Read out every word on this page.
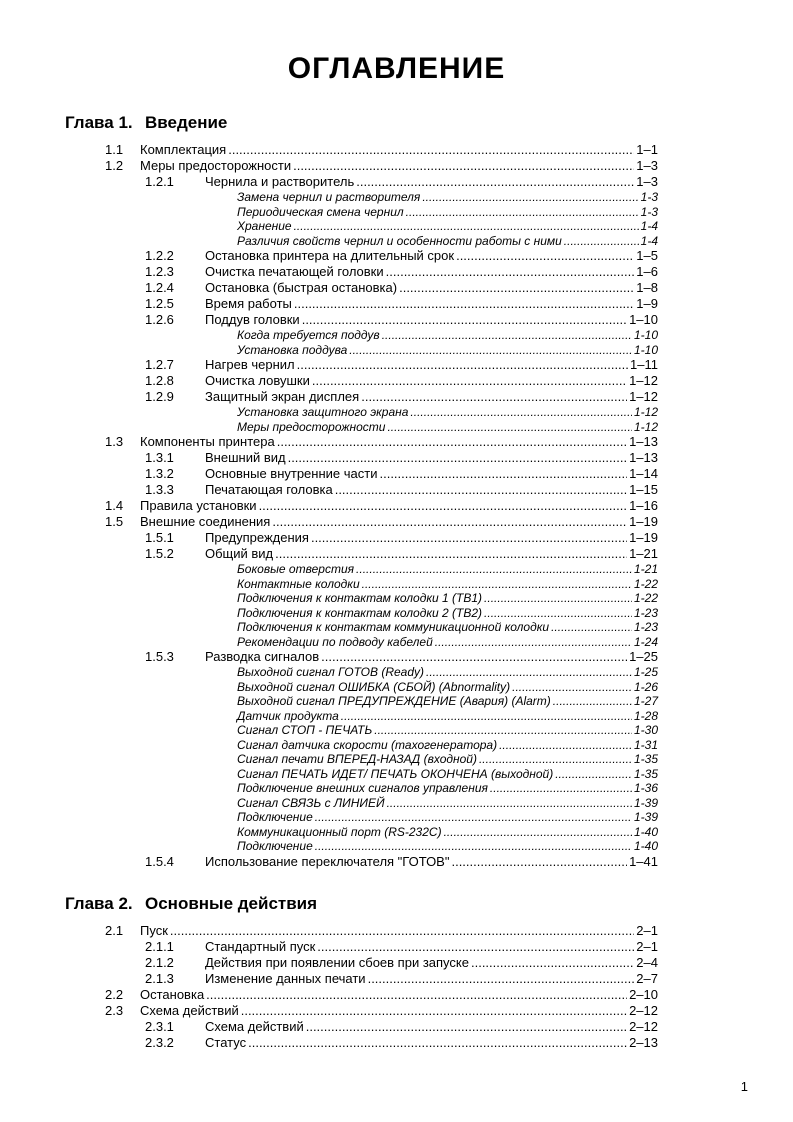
ОГЛАВЛЕНИЕ
Глава 1. Введение
1.1	Комплектация .....	1–1
1.2	Меры предосторожности .....	1–3
1.2.1	Чернила и растворитель .....	1–3
Замена чернил и растворителя .....	1-3
Периодическая смена чернил .....	1-3
Хранение .....	1-4
Различия свойств чернил и особенности работы с ними .....	1-4
1.2.2	Остановка принтера на длительный срок .....	1–5
1.2.3	Очистка печатающей головки .....	1–6
1.2.4	Остановка (быстрая остановка) .....	1–8
1.2.5	Время работы .....	1–9
1.2.6	Поддув головки .....	1–10
Когда требуется поддув .....	1-10
Установка поддува .....	1-10
1.2.7	Нагрев чернил .....	1–11
1.2.8	Очистка ловушки .....	1–12
1.2.9	Защитный экран дисплея .....	1–12
Установка защитного экрана .....	1-12
Меры предосторожности .....	1-12
1.3	Компоненты принтера .....	1–13
1.3.1	Внешний вид .....	1–13
1.3.2	Основные внутренние части .....	1–14
1.3.3	Печатающая головка .....	1–15
1.4	Правила установки .....	1–16
1.5	Внешние соединения .....	1–19
1.5.1	Предупреждения .....	1–19
1.5.2	Общий вид .....	1–21
Боковые отверстия .....	1-21
Контактные колодки .....	1-22
Подключения к контактам колодки 1 (ТВ1) .....	1-22
Подключения к контактам колодки 2 (ТВ2) .....	1-23
Подключения к контактам коммуникационной колодки .....	1-23
Рекомендации по подводу кабелей .....	1-24
1.5.3	Разводка сигналов .....	1–25
Выходной сигнал ГОТОВ (Ready) .....	1-25
Выходной сигнал ОШИБКА (СБОЙ) (Abnormality) .....	1-26
Выходной сигнал ПРЕДУПРЕЖДЕНИЕ (Авария) (Alarm) .....	1-27
Датчик продукта .....	1-28
Сигнал СТОП - ПЕЧАТЬ .....	1-30
Сигнал датчика скорости (тахогенератора) .....	1-31
Сигнал печати ВПЕРЕД-НАЗАД (входной) .....	1-35
Сигнал ПЕЧАТЬ ИДЕТ/ ПЕЧАТЬ ОКОНЧЕНА (выходной) .....	1-35
Подключение внешних сигналов управления .....	1-36
Сигнал СВЯЗЬ с ЛИНИЕЙ .....	1-39
Подключение .....	1-39
Коммуникационный порт (RS-232C) .....	1-40
Подключение .....	1-40
1.5.4	Использование переключателя "ГОТОВ" .....	1–41
Глава 2. Основные действия
2.1	Пуск .....	2–1
2.1.1	Стандартный пуск .....	2–1
2.1.2	Действия при появлении сбоев при запуске .....	2–4
2.1.3	Изменение данных печати .....	2–7
2.2	Остановка .....	2–10
2.3	Схема действий .....	2–12
2.3.1	Схема действий .....	2–12
2.3.2	Статус .....	2–13
1
